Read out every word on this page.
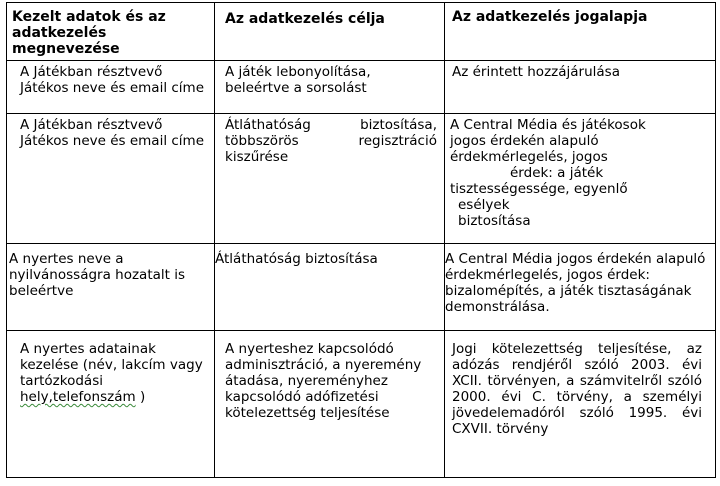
Kezelt adatok és az adatkezelés megnevezése
Az adatkezelés célja	Az adatkezelés jogalapja
A Játékban résztvevő Játékos neve és email címe
A játék lebonyolítása, beleértve a sorsolást
Az érintett hozzájárulása
A Játékban résztvevő Játékos neve és email címe
Átláthatóság biztosítása, többszörös regisztráció kiszűrése
A Central Média és játékosok
jogos érdekén alapuló
érdekmérlegelés, jogos
érdek: a játék
tisztességessége, egyenlő
esélyek
biztosítása
A nyertes neve a nyilvánosságra hozatalt is beleértve
Átláthatóság biztosítása	A Central Média jogos érdekén alapuló érdekmérlegelés, jogos érdek: bizalomépítés, a játék tisztaságának demonstrálása.
A nyertes adatainak kezelése (név, lakcím vagy tartózkodási hely,telefonszám )
A nyerteshez kapcsolódó adminisztráció, a nyeremény átadása, nyereményhez kapcsolódó adófizetési kötelezettség teljesítése
Jogi kötelezettség teljesítése, az adózás rendjéről szóló 2003. évi XCII. törvényen, a számvitelről szóló 2000. évi C. törvény, a személyi jövedelemadóról szóló 1995. évi CXVII. törvény
